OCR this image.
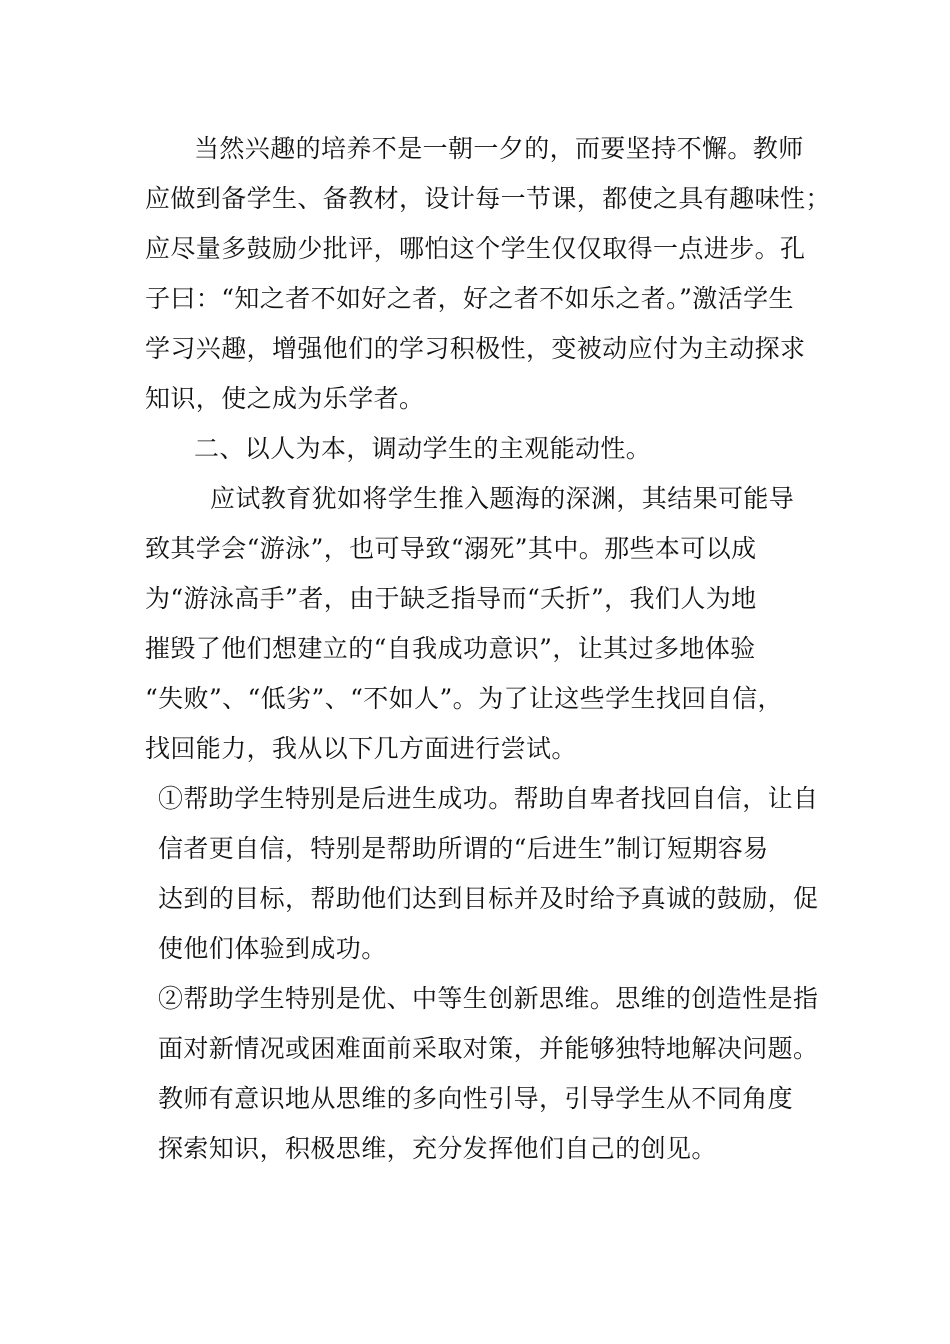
当然兴趣的培养不是一朝一夕的，而要坚持不懈。教师
应做到备学生、备教材，设计每一节课，都使之具有趣味性；
应尽量多鼓励少批评，哪怕这个学生仅仅取得一点进步。孔
子曰：“知之者不如好之者，好之者不如乐之者。”激活学生
学习兴趣，增强他们的学习积极性，变被动应付为主动探求
知识，使之成为乐学者。
二、以人为本，调动学生的主观能动性。
应试教育犹如将学生推入题海的深渊，其结果可能导
致其学会“游泳”，也可导致“溺死”其中。那些本可以成
为“游泳高手”者，由于缺乏指导而“夭折”，我们人为地
摧毁了他们想建立的“自我成功意识”，让其过多地体验
“失败”、“低劣”、“不如人”。为了让这些学生找回自信，
找回能力，我从以下几方面进行尝试。
①帮助学生特别是后进生成功。帮助自卑者找回自信，让自
信者更自信，特别是帮助所谓的“后进生”制订短期容易
达到的目标，帮助他们达到目标并及时给予真诚的鼓励，促
使他们体验到成功。
②帮助学生特别是优、中等生创新思维。思维的创造性是指
面对新情况或困难面前采取对策，并能够独特地解决问题。
教师有意识地从思维的多向性引导，引导学生从不同角度
探索知识，积极思维，充分发挥他们自己的创见。
